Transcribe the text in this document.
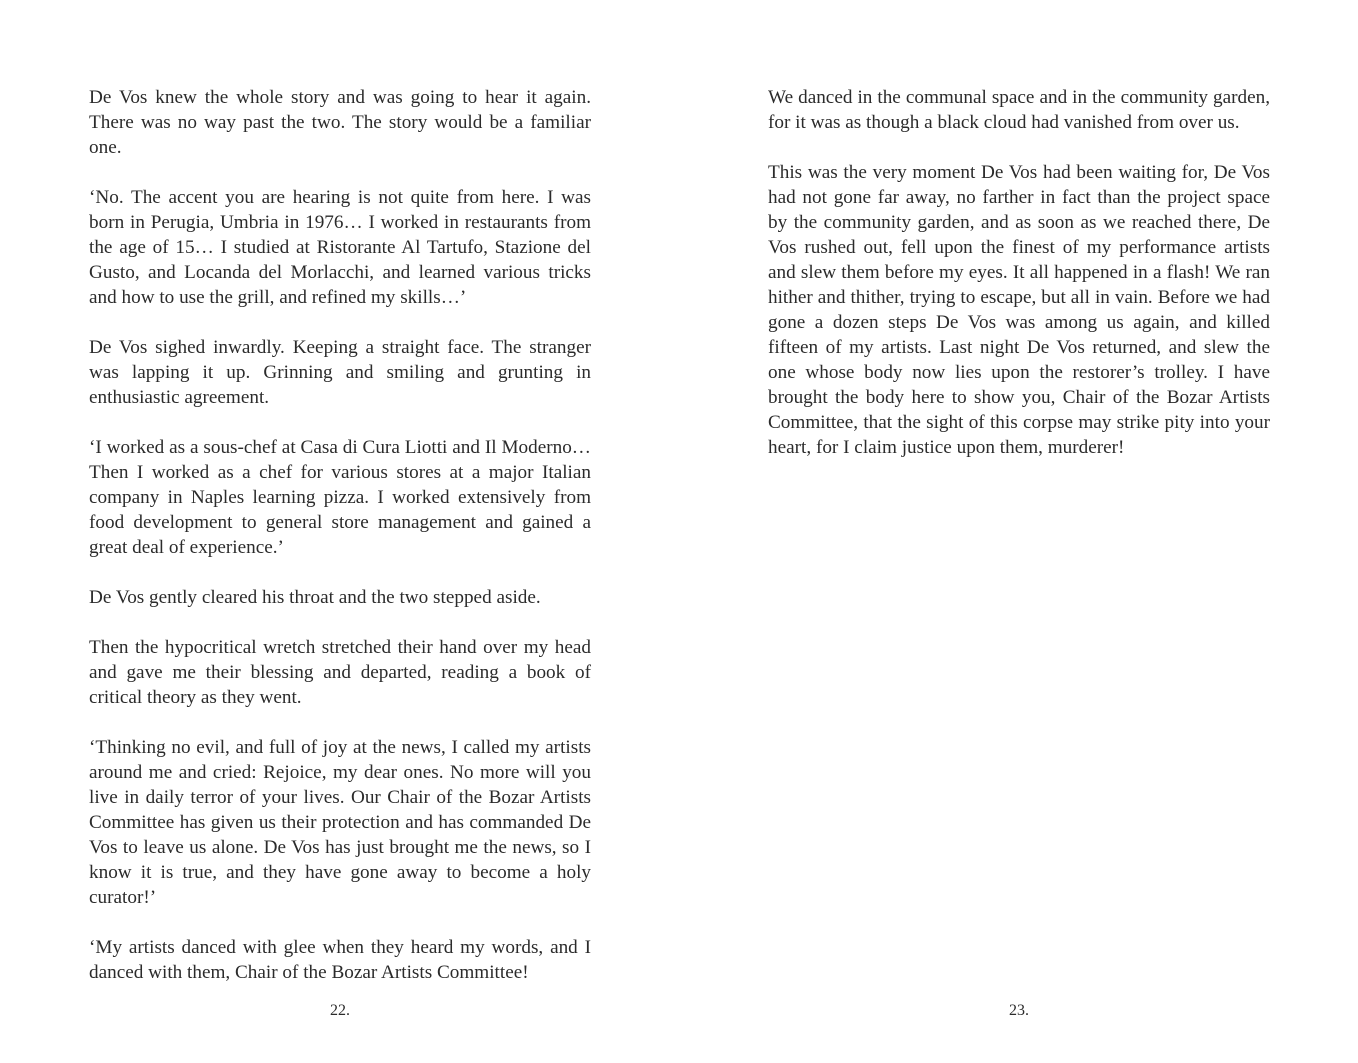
De Vos knew the whole story and was going to hear it again. There was no way past the two. The story would be a familiar one.

‘No. The accent you are hearing is not quite from here. I was born in Perugia, Umbria in 1976… I worked in restaurants from the age of 15… I studied at Ristorante Al Tartufo, Stazione del Gusto, and Locanda del Morlacchi, and learned various tricks and how to use the grill, and refined my skills…’

De Vos sighed inwardly. Keeping a straight face. The stranger was lapping it up. Grinning and smiling and grunting in enthusiastic agreement.

‘I worked as a sous-chef at Casa di Cura Liotti and Il Moderno… Then I worked as a chef for various stores at a major Italian company in Naples learning pizza. I worked extensively from food development to general store management and gained a great deal of experience.’

De Vos gently cleared his throat and the two stepped aside.

Then the hypocritical wretch stretched their hand over my head and gave me their blessing and departed, reading a book of critical theory as they went.

‘Thinking no evil, and full of joy at the news, I called my artists around me and cried: Rejoice, my dear ones. No more will you live in daily terror of your lives. Our Chair of the Bozar Artists Committee has given us their protection and has commanded De Vos to leave us alone. De Vos has just brought me the news, so I know it is true, and they have gone away to become a holy curator!’

‘My artists danced with glee when they heard my words, and I danced with them, Chair of the Bozar Artists Committee!

22.

We danced in the communal space and in the community garden, for it was as though a black cloud had vanished from over us.

This was the very moment De Vos had been waiting for, De Vos had not gone far away, no farther in fact than the project space by the community garden, and as soon as we reached there, De Vos rushed out, fell upon the finest of my performance artists and slew them before my eyes. It all happened in a flash! We ran hither and thither, trying to escape, but all in vain. Before we had gone a dozen steps De Vos was among us again, and killed fifteen of my artists. Last night De Vos returned, and slew the one whose body now lies upon the restorer’s trolley. I have brought the body here to show you, Chair of the Bozar Artists Committee, that the sight of this corpse may strike pity into your heart, for I claim justice upon them, murderer!

23.
